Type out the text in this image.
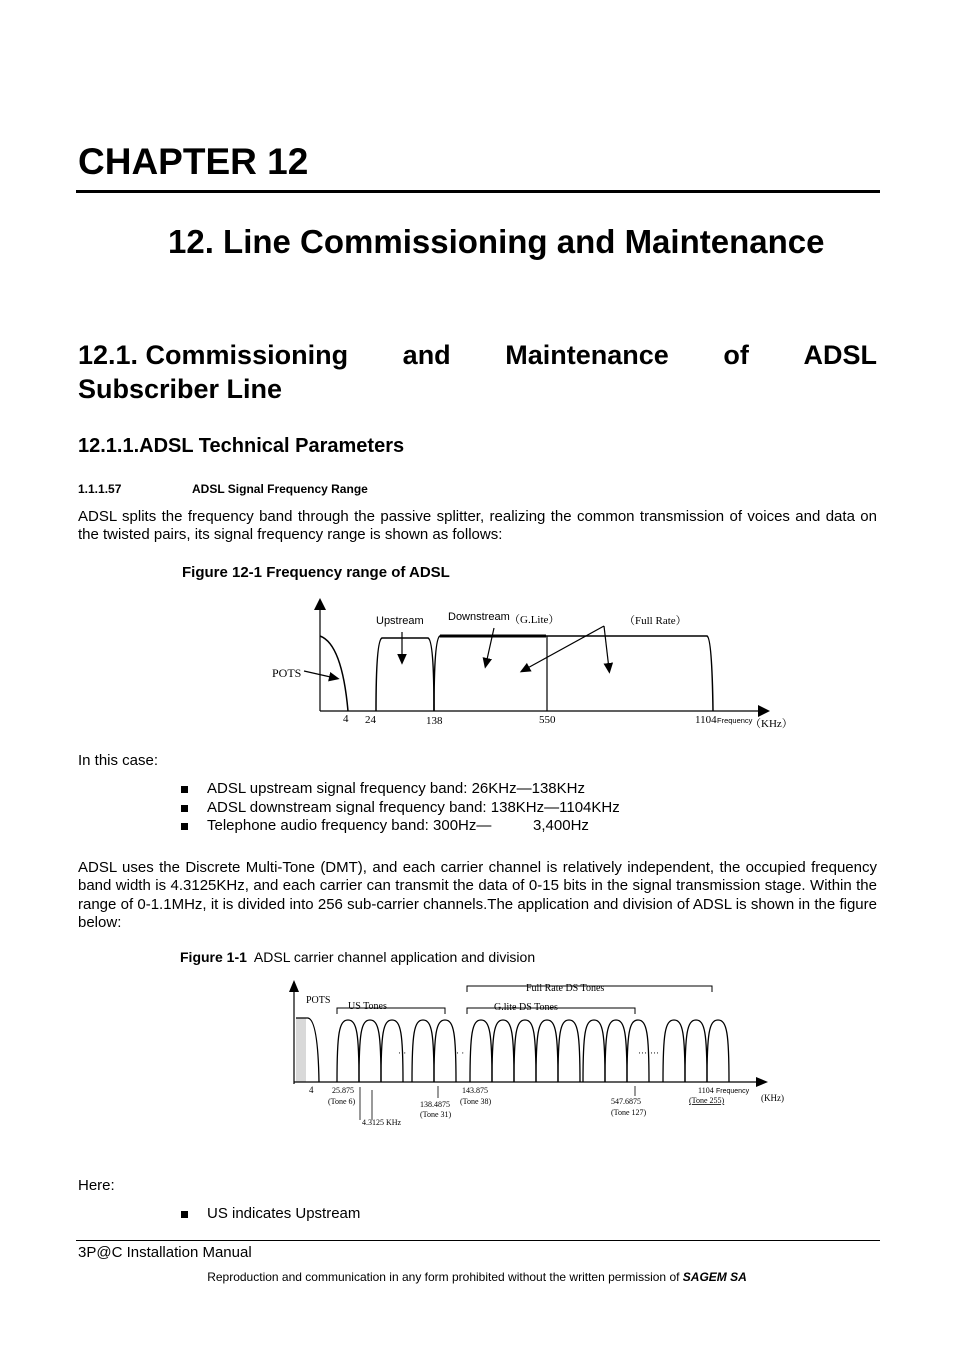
CHAPTER 12
12. Line Commissioning and Maintenance
12.1. Commissioning and Maintenance of ADSL
Subscriber Line
12.1.1.ADSL Technical Parameters
1.1.1.57	ADSL Signal Frequency Range
ADSL splits the frequency band through the passive splitter, realizing the common transmission of voices and data on the twisted pairs, its signal frequency range is shown as follows:
Figure 12-1 Frequency range of ADSL
Upstream Downstream （G.Lite）	（Full Rate）
POTS
4 24	138	550	1104 Frequency
（KHz）
In this case:
ADSL upstream signal frequency band: 26KHz—138KHz
ADSL downstream signal frequency band: 138KHz—1104KHz
Telephone audio frequency band: 300Hz—          3,400Hz
ADSL uses the Discrete Multi-Tone (DMT), and each carrier channel is relatively independent, the occupied frequency band width is 4.3125KHz, and each carrier can transmit the data of 0-15 bits in the signal transmission stage. Within the range of 0-1.1MHz, it is divided into 256 sub-carrier channels.The application and division of ADSL is shown in the figure below:
Figure 1-1 ADSL carrier channel application and division
POTS
US Tones
Full Rate DS Tones
G.lite DS Tones
· ·	· ·	·······
4 25.875
(Tone 6)
4.3125 KHz
138.4875
(Tone 31)
143.875
(Tone 38)	547.6875
(Tone 127)
1104 Frequency
(Tone 255)	(KHz)
Here:
US indicates Upstream
3P@C Installation Manual
Reproduction and communication in any form prohibited without the written permission of SAGEM SA
